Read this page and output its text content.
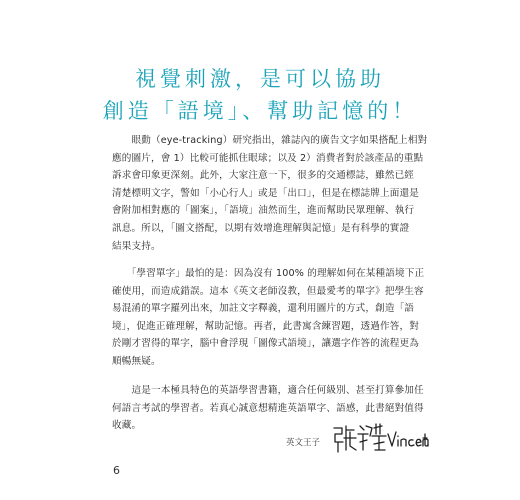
視覺刺激，是可以協助
創造「語境」、幫助記憶的！

　　眼動（eye-tracking）研究指出，雜誌內的廣告文字如果搭配上相對
應的圖片，會 1）比較可能抓住眼球；以及 2）消費者對於該產品的重點
訴求會印象更深刻。此外，大家注意一下，很多的交通標誌，雖然已經
清楚標明文字，警如「小心行人」或是「出口」，但是在標誌牌上面還是
會附加相對應的「圖案」，「語境」油然而生，進而幫助民眾理解、執行
訊息。所以，「圖文搭配，以期有效增進理解與記憶」是有科學的實證
結果支持。

　　「學習單字」最怕的是：因為沒有 100% 的理解如何在某種語境下正
確使用，而造成錯誤。這本《英文老師沒教，但最愛考的單字》把學生容
易混淆的單字羅列出來，加註文字釋義，還利用圖片的方式，創造「語
境」，促進正確理解，幫助記憶。再者，此書寓含練習題，透過作答，對
於剛才習得的單字，腦中會浮現「圖像式語境」，讓選字作答的流程更為
順暢無疑。

　　這是一本極具特色的英語學習書籍，適合任何級別、甚至打算參加任
何語言考試的學習者。若真心誠意想精進英語單字、語感，此書絕對值得
收藏。

英文王子
6
